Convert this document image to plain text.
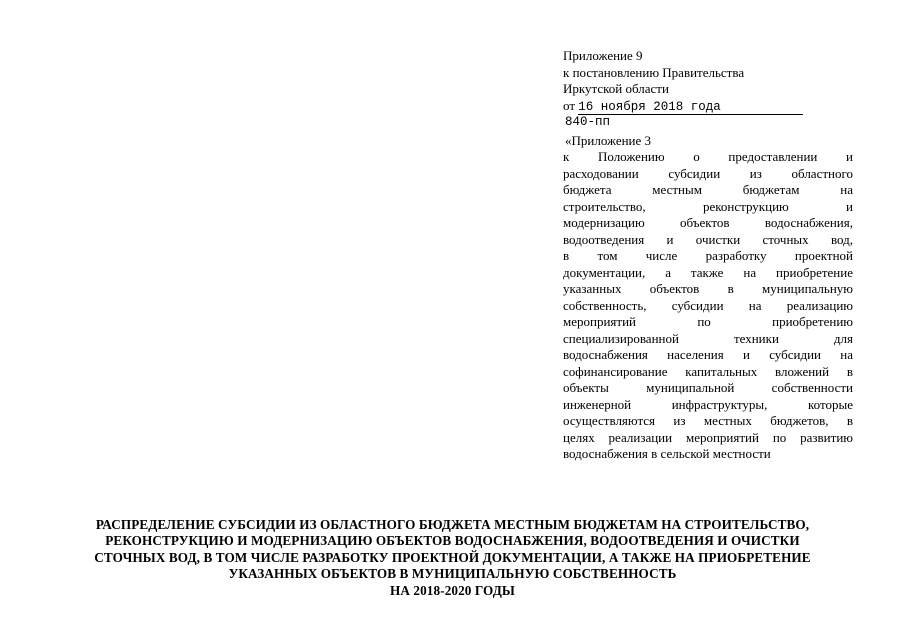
Приложение 9
к постановлению Правительства
Иркутской области
от 16 ноября 2018 года
840-пп
«Приложение 3
к Положению о предоставлении и
расходовании субсидии из областного
бюджета местным бюджетам на
строительство, реконструкцию и
модернизацию объектов водоснабжения,
водоотведения и очистки сточных вод,
в том числе разработку проектной
документации, а также на приобретение
указанных объектов в муниципальную
собственность, субсидии на реализацию
мероприятий по приобретению
специализированной техники для
водоснабжения населения и субсидии на
софинансирование капитальных вложений в
объекты муниципальной собственности
инженерной инфраструктуры, которые
осуществляются из местных бюджетов, в
целях реализации мероприятий по развитию
водоснабжения в сельской местности
РАСПРЕДЕЛЕНИЕ СУБСИДИИ ИЗ ОБЛАСТНОГО БЮДЖЕТА МЕСТНЫМ БЮДЖЕТАМ НА СТРОИТЕЛЬСТВО,
РЕКОНСТРУКЦИЮ И МОДЕРНИЗАЦИЮ ОБЪЕКТОВ ВОДОСНАБЖЕНИЯ, ВОДООТВЕДЕНИЯ И ОЧИСТКИ
СТОЧНЫХ ВОД, В ТОМ ЧИСЛЕ РАЗРАБОТКУ ПРОЕКТНОЙ ДОКУМЕНТАЦИИ, А ТАКЖЕ НА ПРИОБРЕТЕНИЕ
УКАЗАННЫХ ОБЪЕКТОВ В МУНИЦИПАЛЬНУЮ СОБСТВЕННОСТЬ
НА 2018-2020 ГОДЫ
